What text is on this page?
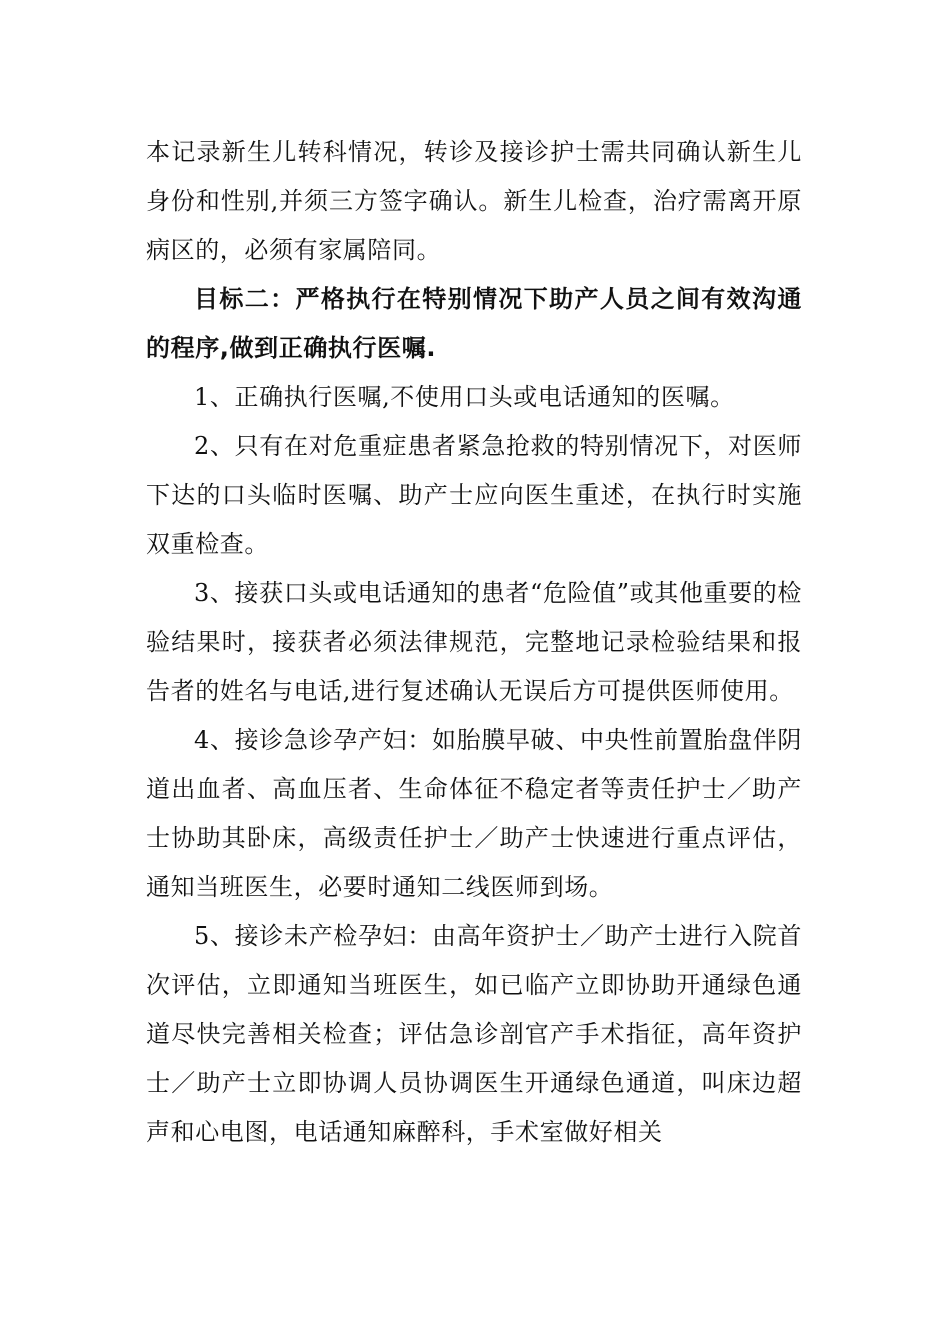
本记录新生儿转科情况，转诊及接诊护士需共同确认新生儿身份和性别,并须三方签字确认。新生儿检查，治疗需离开原病区的，必须有家属陪同。

目标二：严格执行在特别情况下助产人员之间有效沟通的程序,做到正确执行医嘱.

1、正确执行医嘱,不使用口头或电话通知的医嘱。

2、只有在对危重症患者紧急抢救的特别情况下，对医师下达的口头临时医嘱、助产士应向医生重述，在执行时实施双重检查。

3、接获口头或电话通知的患者“危险值”或其他重要的检验结果时，接获者必须法律规范，完整地记录检验结果和报告者的姓名与电话,进行复述确认无误后方可提供医师使用。

4、接诊急诊孕产妇：如胎膜早破、中央性前置胎盘伴阴道出血者、高血压者、生命体征不稳定者等责任护士／助产士协助其卧床，高级责任护士／助产士快速进行重点评估，通知当班医生，必要时通知二线医师到场。

5、接诊未产检孕妇：由高年资护士／助产士进行入院首次评估，立即通知当班医生，如已临产立即协助开通绿色通道尽快完善相关检查；评估急诊剖官产手术指征，高年资护士／助产士立即协调人员协调医生开通绿色通道，叫床边超声和心电图，电话通知麻醉科，手术室做好相关
